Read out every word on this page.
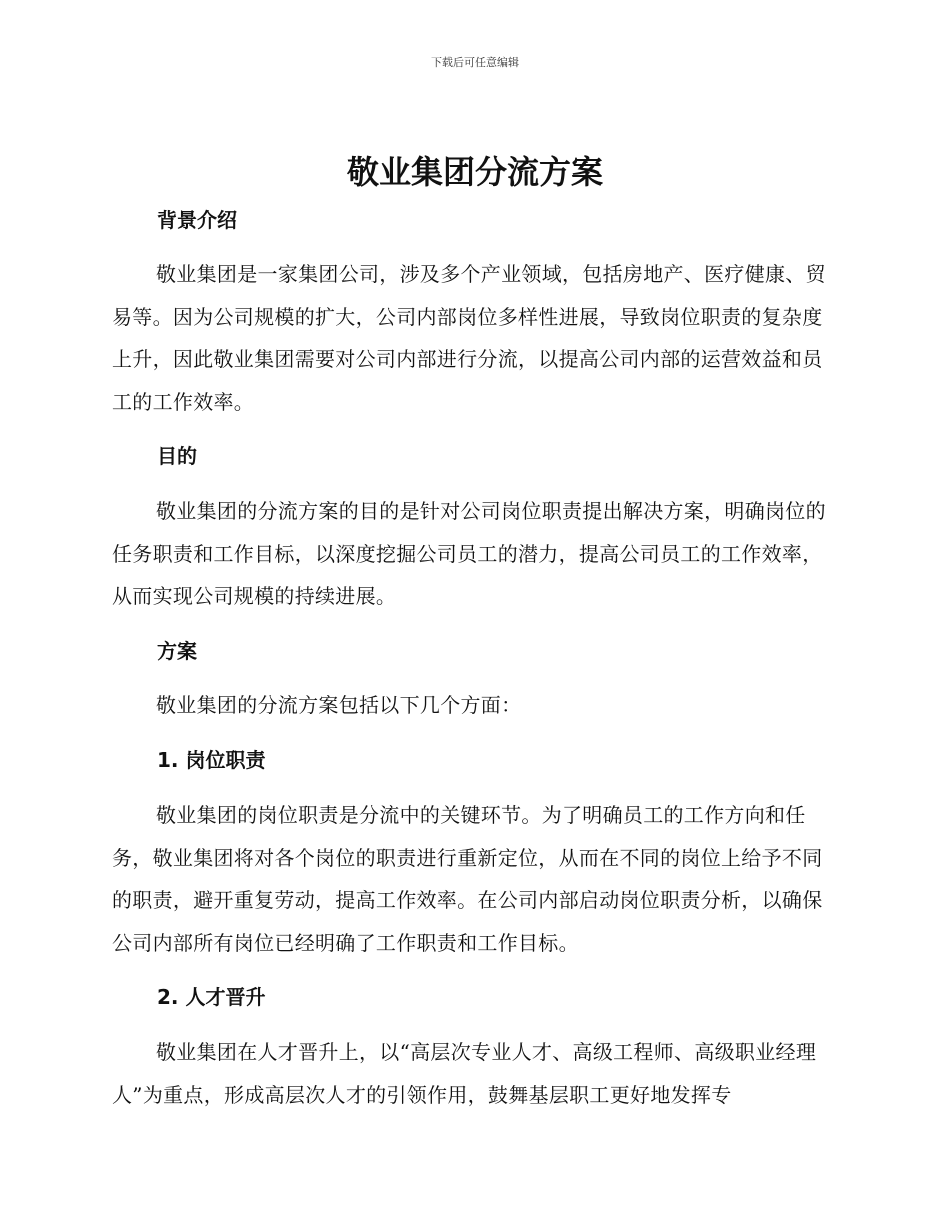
下载后可任意编辑
敬业集团分流方案
背景介绍
敬业集团是一家集团公司，涉及多个产业领域，包括房地产、医疗健康、贸易等。因为公司规模的扩大，公司内部岗位多样性进展，导致岗位职责的复杂度上升，因此敬业集团需要对公司内部进行分流，以提高公司内部的运营效益和员工的工作效率。
目的
敬业集团的分流方案的目的是针对公司岗位职责提出解决方案，明确岗位的任务职责和工作目标，以深度挖掘公司员工的潜力，提高公司员工的工作效率，从而实现公司规模的持续进展。
方案
敬业集团的分流方案包括以下几个方面：
1. 岗位职责
敬业集团的岗位职责是分流中的关键环节。为了明确员工的工作方向和任务，敬业集团将对各个岗位的职责进行重新定位，从而在不同的岗位上给予不同的职责，避开重复劳动，提高工作效率。在公司内部启动岗位职责分析，以确保公司内部所有岗位已经明确了工作职责和工作目标。
2. 人才晋升
敬业集团在人才晋升上，以“高层次专业人才、高级工程师、高级职业经理人”为重点，形成高层次人才的引领作用，鼓舞基层职工更好地发挥专
